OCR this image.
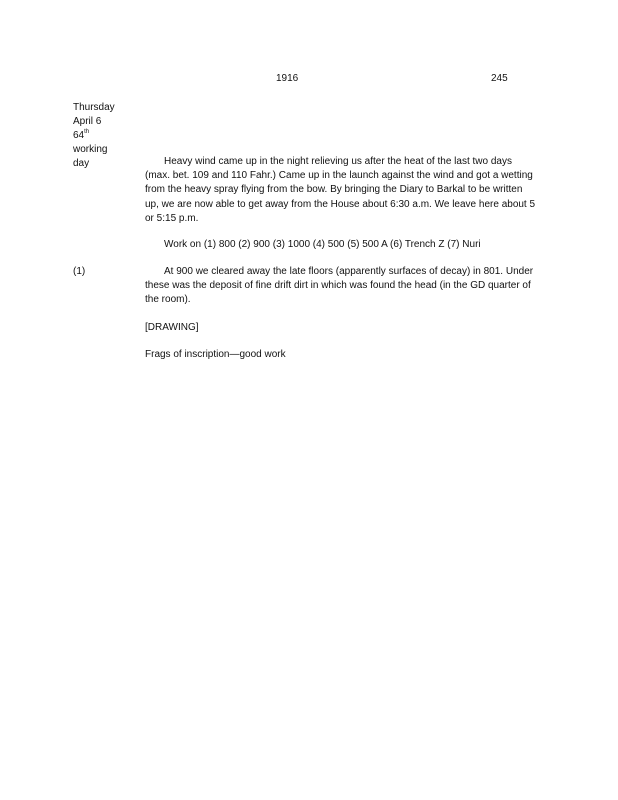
1916	245
Thursday
April 6
64th
working
day	Heavy wind came up in the night relieving us after the heat of the last two days
(max. bet. 109 and 110 Fahr.) Came up in the launch against the wind and got a wetting
from the heavy spray flying from the bow. By bringing the Diary to Barkal to be written
up, we are now able to get away from the House about 6:30 a.m. We leave here about 5
or 5:15 p.m.
Work on (1) 800 (2) 900 (3) 1000 (4) 500 (5) 500 A (6) Trench Z (7) Nuri
(1)	At 900 we cleared away the late floors (apparently surfaces of decay) in 801. Under
these was the deposit of fine drift dirt in which was found the head (in the GD quarter of
the room).
[DRAWING]
Frags of inscription—good work
